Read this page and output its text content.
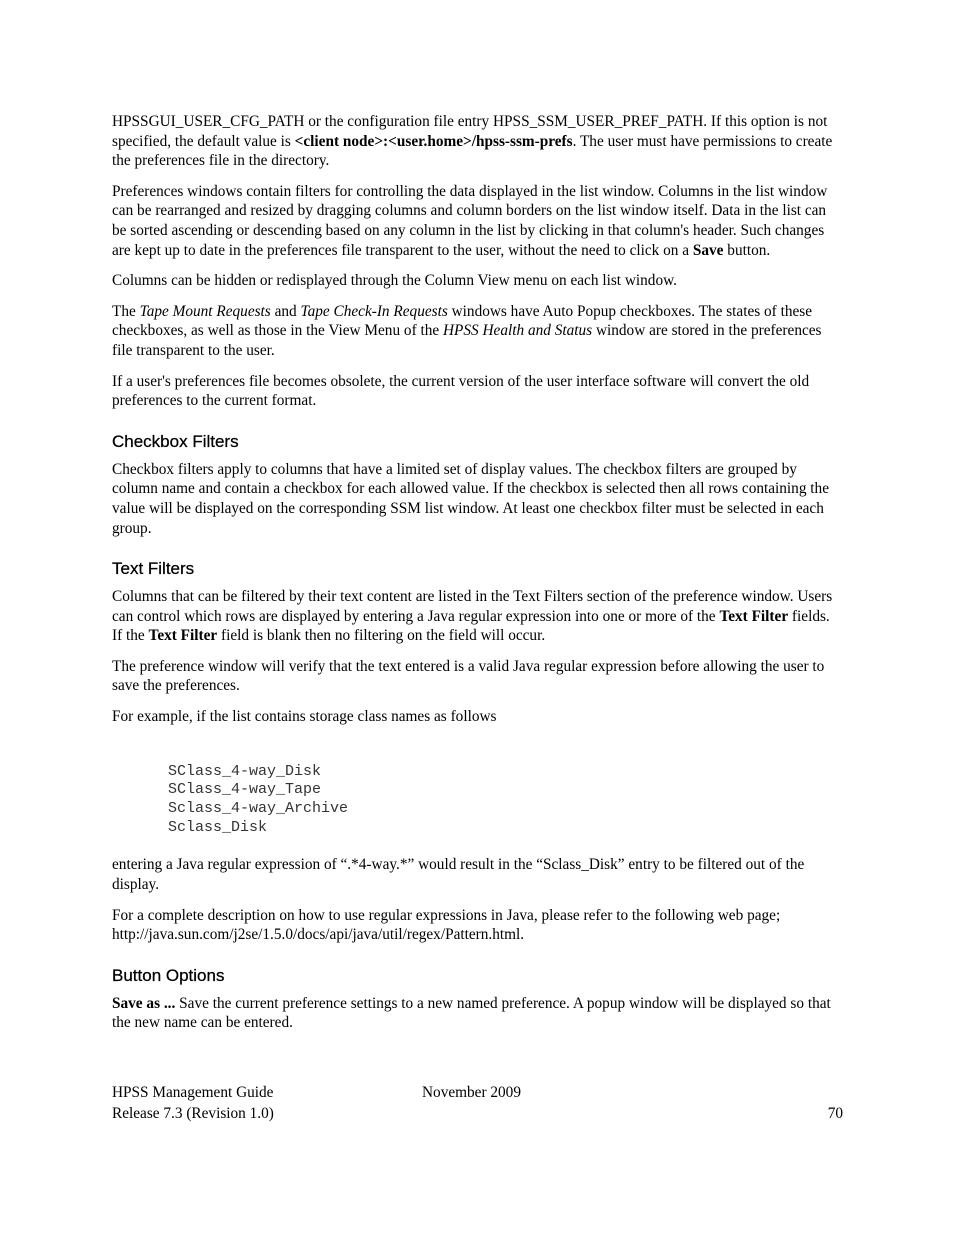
HPSSGUI_USER_CFG_PATH or the configuration file entry HPSS_SSM_USER_PREF_PATH. If this option is not specified, the default value is <client node>:<user.home>/hpss-ssm-prefs. The user must have permissions to create the preferences file in the directory.

Preferences windows contain filters for controlling the data displayed in the list window. Columns in the list window can be rearranged and resized by dragging columns and column borders on the list window itself. Data in the list can be sorted ascending or descending based on any column in the list by clicking in that column's header. Such changes are kept up to date in the preferences file transparent to the user, without the need to click on a Save button.

Columns can be hidden or redisplayed through the Column View menu on each list window.

The Tape Mount Requests and Tape Check-In Requests windows have Auto Popup checkboxes. The states of these checkboxes, as well as those in the View Menu of the HPSS Health and Status window are stored in the preferences file transparent to the user.

If a user's preferences file becomes obsolete, the current version of the user interface software will convert the old preferences to the current format.

Checkbox Filters

Checkbox filters apply to columns that have a limited set of display values. The checkbox filters are grouped by column name and contain a checkbox for each allowed value. If the checkbox is selected then all rows containing the value will be displayed on the corresponding SSM list window. At least one checkbox filter must be selected in each group.

Text Filters

Columns that can be filtered by their text content are listed in the Text Filters section of the preference window. Users can control which rows are displayed by entering a Java regular expression into one or more of the Text Filter fields. If the Text Filter field is blank then no filtering on the field will occur.

The preference window will verify that the text entered is a valid Java regular expression before allowing the user to save the preferences.

For example, if the list contains storage class names as follows

SClass_4-way_Disk
SClass_4-way_Tape
Sclass_4-way_Archive
Sclass_Disk

entering a Java regular expression of “.*4-way.*” would result in the “Sclass_Disk” entry to be filtered out of the display.

For a complete description on how to use regular expressions in Java, please refer to the following web page; http://java.sun.com/j2se/1.5.0/docs/api/java/util/regex/Pattern.html.

Button Options

Save as ... Save the current preference settings to a new named preference. A popup window will be displayed so that the new name can be entered.

HPSS Management Guide	November 2009
Release 7.3 (Revision 1.0)	70
